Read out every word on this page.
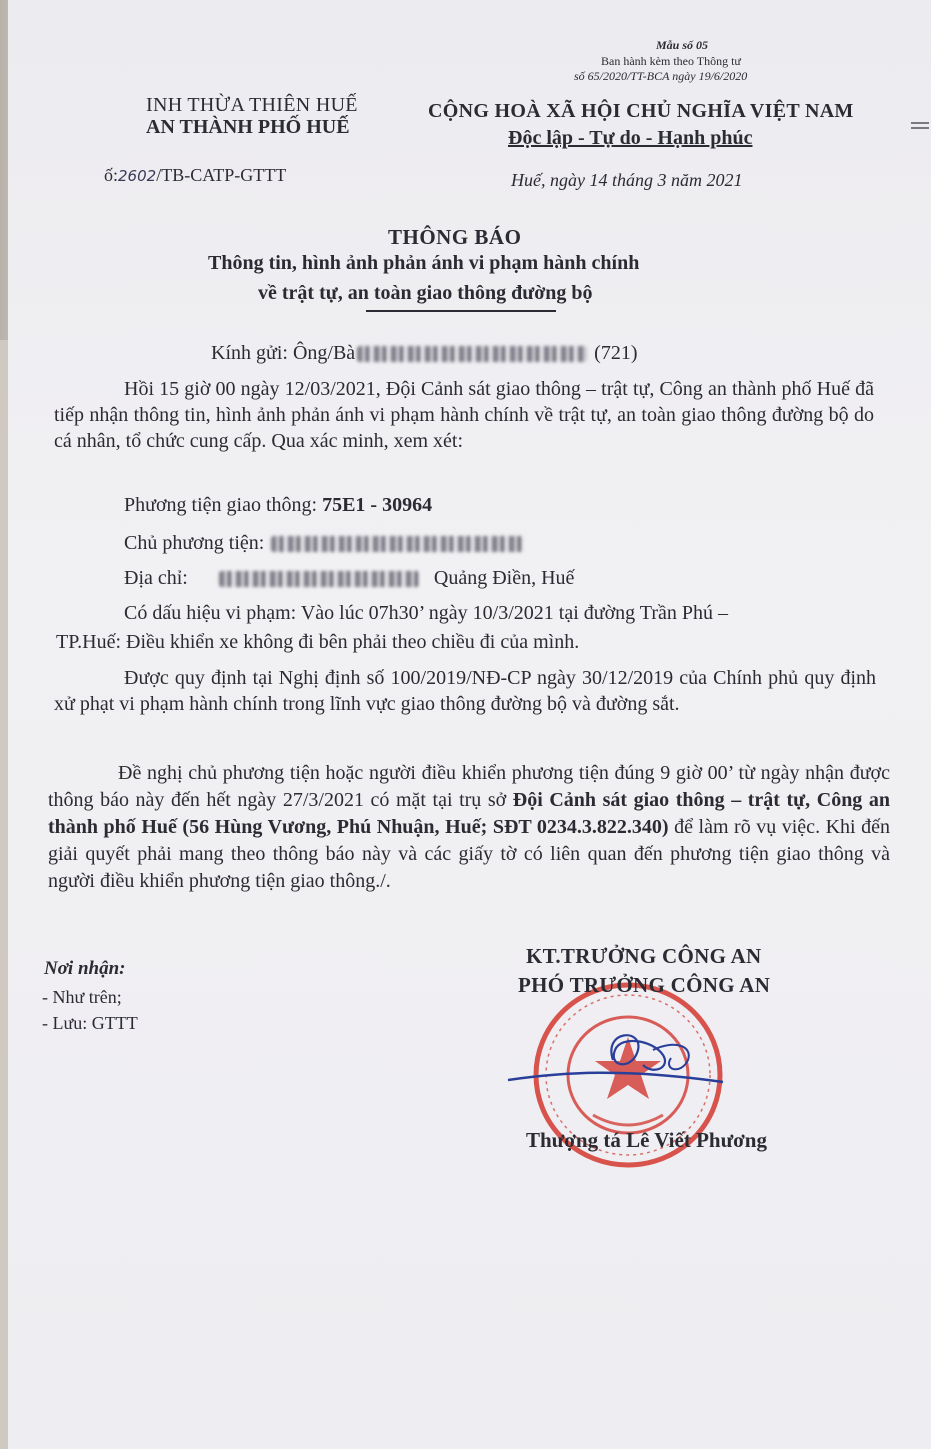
Mẫu số 05
Ban hành kèm theo Thông tư
số 65/2020/TT-BCA ngày 19/6/2020
INH THỪA THIÊN HUẾ
AN THÀNH PHỐ HUẾ
CỘNG HOÀ XÃ HỘI CHỦ NGHĨA VIỆT NAM
Độc lập - Tự do - Hạnh phúc
ố:2602/TB-CATP-GTTT	Huế, ngày 14 tháng 3 năm 2021
THÔNG BÁO
Thông tin, hình ảnh phản ánh vi phạm hành chính
về trật tự, an toàn giao thông đường bộ
Kính gửi: Ông/Bà	(721)
Hồi 15 giờ 00 ngày 12/03/2021, Đội Cảnh sát giao thông – trật tự, Công an thành phố Huế đã tiếp nhận thông tin, hình ảnh phản ánh vi phạm hành chính về trật tự, an toàn giao thông đường bộ do cá nhân, tổ chức cung cấp. Qua xác minh, xem xét:
Phương tiện giao thông: 75E1 - 30964
Chủ phương tiện:
Địa chỉ:	Quảng Điền, Huế
Có dấu hiệu vi phạm: Vào lúc 07h30’ ngày 10/3/2021 tại đường Trần Phú –
TP.Huế: Điều khiển xe không đi bên phải theo chiều đi của mình.
Được quy định tại Nghị định số 100/2019/NĐ-CP ngày 30/12/2019 của Chính phủ quy định xử phạt vi phạm hành chính trong lĩnh vực giao thông đường bộ và đường sắt.
Đề nghị chủ phương tiện hoặc người điều khiển phương tiện đúng 9 giờ 00’ từ ngày nhận được thông báo này đến hết ngày 27/3/2021 có mặt tại trụ sở Đội Cảnh sát giao thông – trật tự, Công an thành phố Huế (56 Hùng Vương, Phú Nhuận, Huế; SĐT 0234.3.822.340) để làm rõ vụ việc. Khi đến giải quyết phải mang theo thông báo này và các giấy tờ có liên quan đến phương tiện giao thông và người điều khiển phương tiện giao thông./.
Nơi nhận:
- Như trên;
- Lưu: GTTT
KT.TRƯỞNG CÔNG AN
PHÓ TRƯỞNG CÔNG AN
Thượng tá Lê Viết Phương
